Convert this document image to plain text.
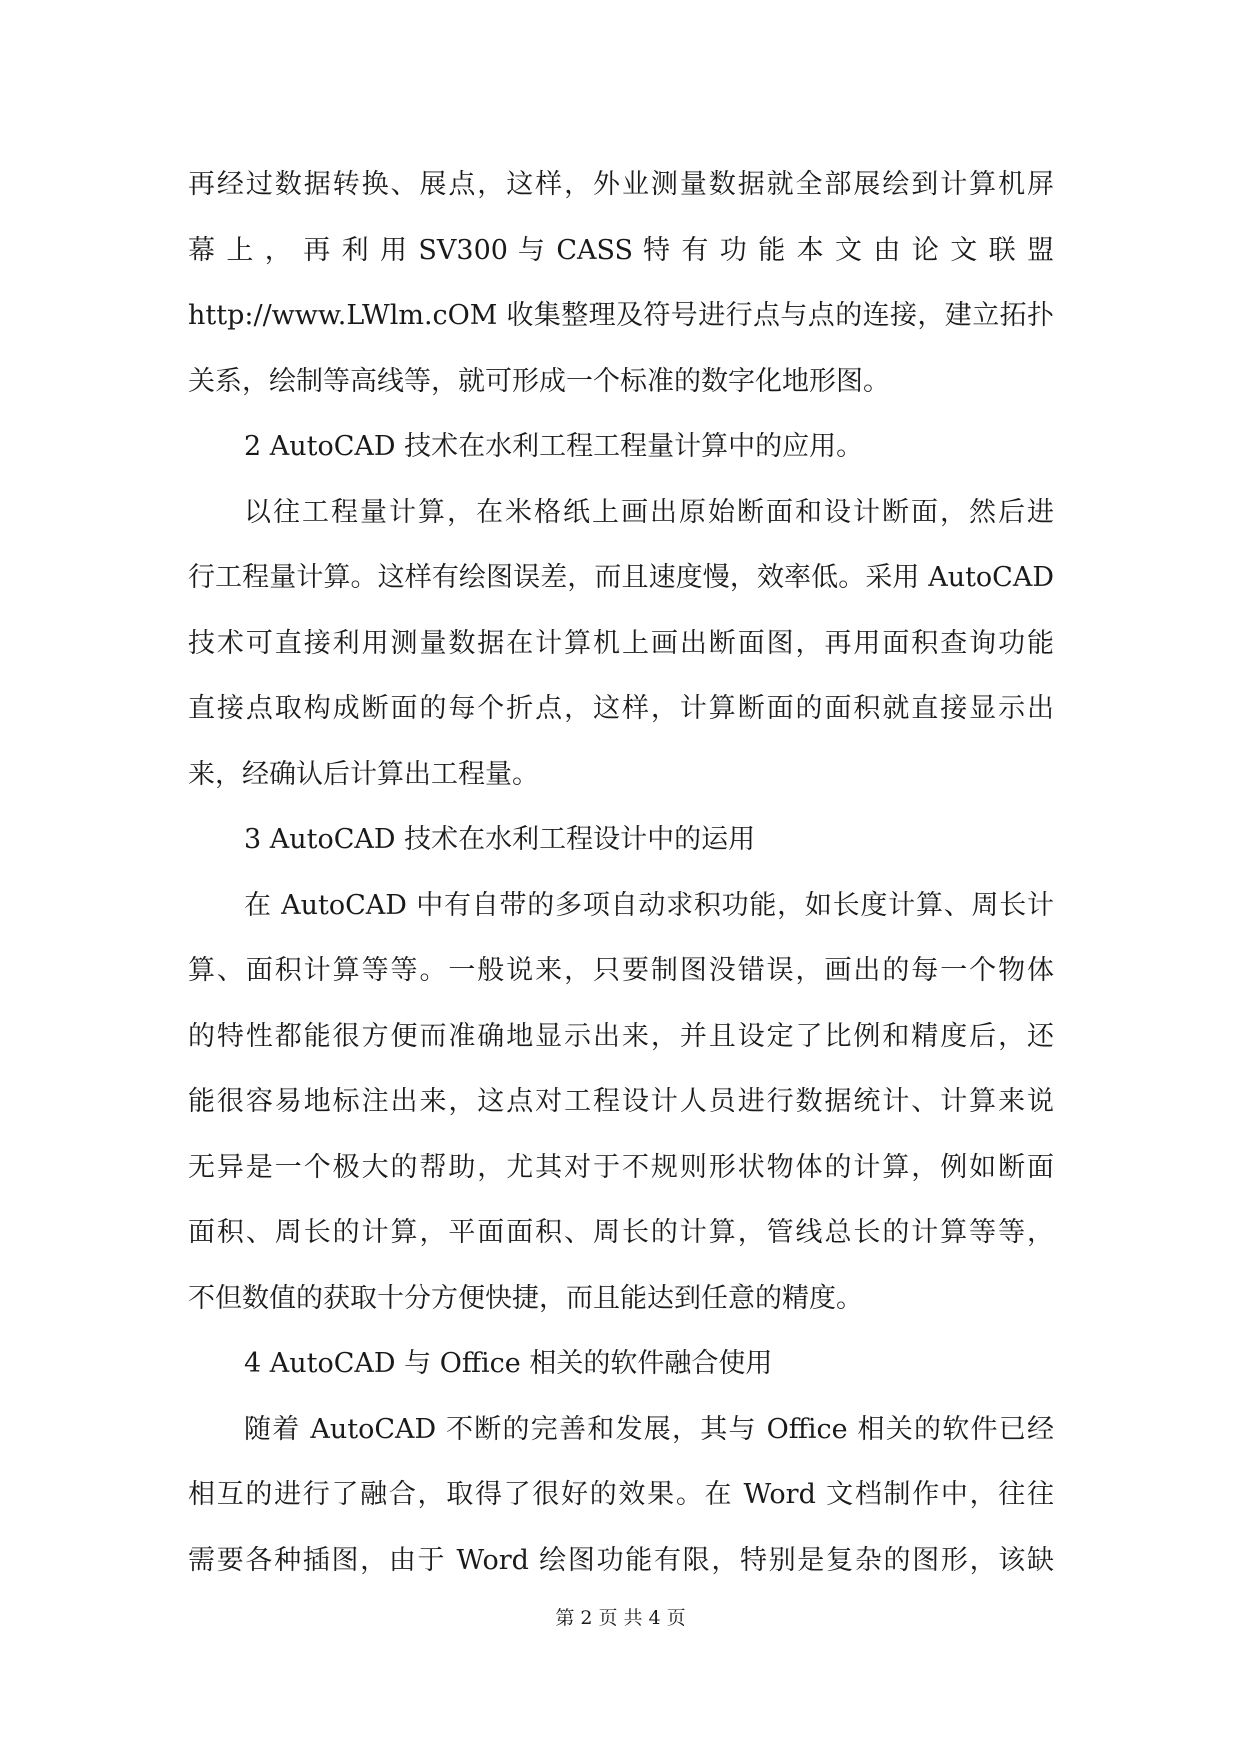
再经过数据转换、展点，这样，外业测量数据就全部展绘到计算机屏
幕 上 ， 再 利 用 SV300 与 CASS 特 有 功 能 本 文 由 论 文 联 盟
http://www.LWlm.cOM 收集整理及符号进行点与点的连接，建立拓扑
关系，绘制等高线等，就可形成一个标准的数字化地形图。
2 AutoCAD 技术在水利工程工程量计算中的应用。
以往工程量计算，在米格纸上画出原始断面和设计断面，然后进
行工程量计算。这样有绘图误差，而且速度慢，效率低。采用 AutoCAD
技术可直接利用测量数据在计算机上画出断面图，再用面积查询功能
直接点取构成断面的每个折点，这样，计算断面的面积就直接显示出
来，经确认后计算出工程量。
3 AutoCAD 技术在水利工程设计中的运用
在 AutoCAD 中有自带的多项自动求积功能，如长度计算、周长计
算、面积计算等等。一般说来，只要制图没错误，画出的每一个物体
的特性都能很方便而准确地显示出来，并且设定了比例和精度后，还
能很容易地标注出来，这点对工程设计人员进行数据统计、计算来说
无异是一个极大的帮助，尤其对于不规则形状物体的计算，例如断面
面积、周长的计算，平面面积、周长的计算，管线总长的计算等等，
不但数值的获取十分方便快捷，而且能达到任意的精度。
4 AutoCAD 与 Office 相关的软件融合使用
随着 AutoCAD 不断的完善和发展，其与 Office 相关的软件已经
相互的进行了融合，取得了很好的效果。在 Word 文档制作中，往往
需要各种插图，由于 Word 绘图功能有限，特别是复杂的图形，该缺
第 2 页 共 4 页
